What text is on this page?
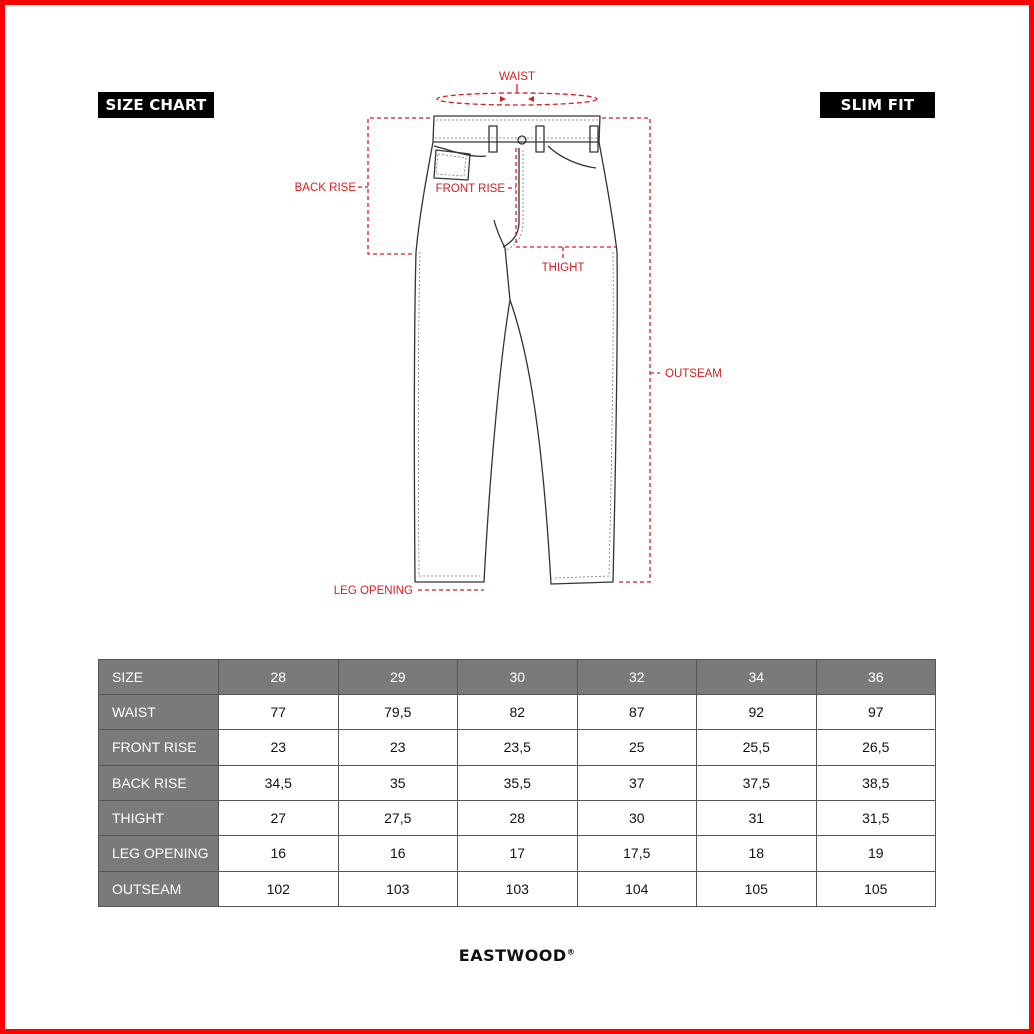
SIZE CHART	SLIM FIT
WAIST
BACK RISE	FRONT RISE
THIGHT
OUTSEAM
LEG OPENING
SIZE	28	29	30	32	34	36
WAIST	77	79,5	82	87	92	97
FRONT RISE	23	23	23,5	25	25,5	26,5
BACK RISE	34,5	35	35,5	37	37,5	38,5
THIGHT	27	27,5	28	30	31	31,5
LEG OPENING	16	16	17	17,5	18	19
OUTSEAM	102	103	103	104	105	105
EASTWOOD®
